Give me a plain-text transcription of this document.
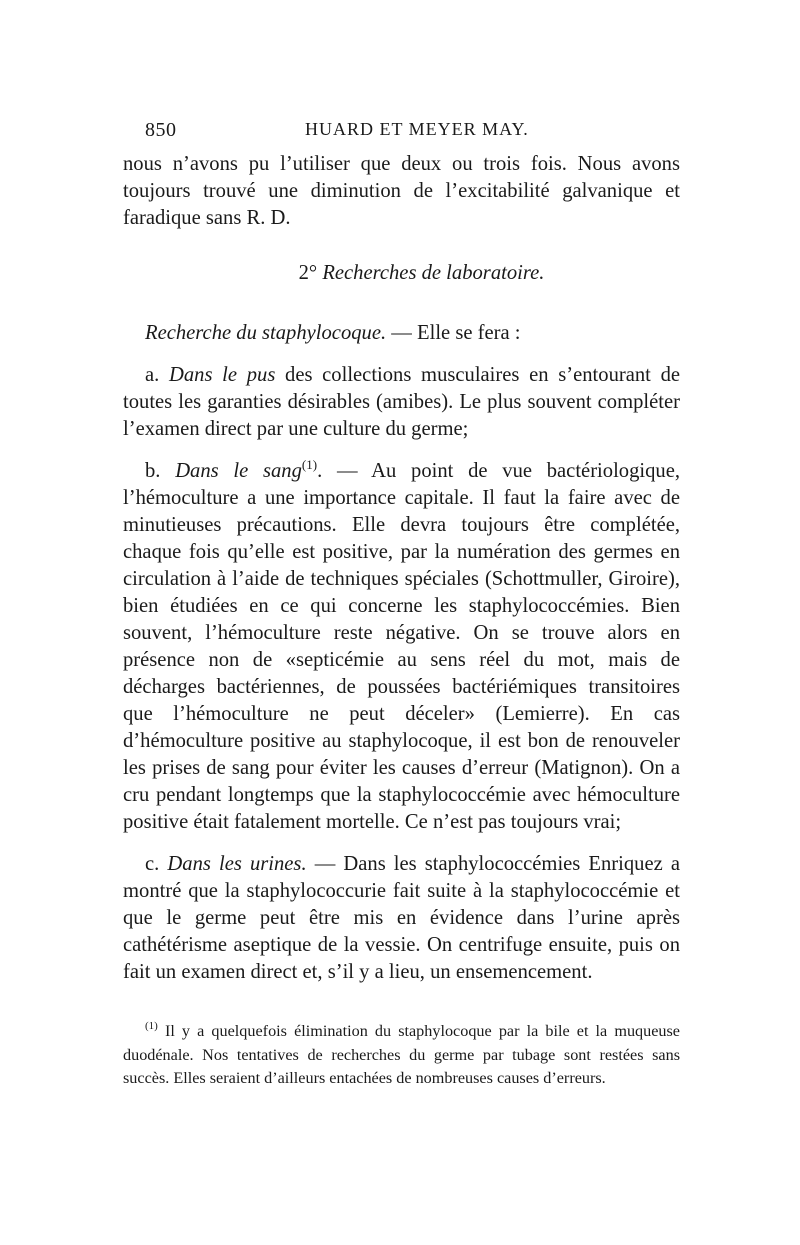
850	HUARD ET MEYER MAY.

nous n’avons pu l’utiliser que deux ou trois fois. Nous avons toujours trouvé une diminution de l’excitabilité galvanique et faradique sans R. D.

2° Recherches de laboratoire.

Recherche du staphylocoque. — Elle se fera :

a. Dans le pus des collections musculaires en s’entourant de toutes les garanties désirables (amibes). Le plus souvent compléter l’examen direct par une culture du germe;

b. Dans le sang$^{(1)}$. — Au point de vue bactériologique, l’hémoculture a une importance capitale. Il faut la faire avec de minutieuses précautions. Elle devra toujours être complétée, chaque fois qu’elle est positive, par la numération des germes en circulation à l’aide de techniques spéciales (Schottmuller, Giroire), bien étudiées en ce qui concerne les staphylococcémies. Bien souvent, l’hémoculture reste négative. On se trouve alors en présence non de «septicémie au sens réel du mot, mais de décharges bactériennes, de poussées bactériémiques transitoires que l’hémoculture ne peut déceler» (Lemierre). En cas d’hémoculture positive au staphylocoque, il est bon de renouveler les prises de sang pour éviter les causes d’erreur (Matignon). On a cru pendant longtemps que la staphylococcémie avec hémoculture positive était fatalement mortelle. Ce n’est pas toujours vrai;

c. Dans les urines. — Dans les staphylococcémies Enriquez a montré que la staphylococcurie fait suite à la staphylococcémie et que le germe peut être mis en évidence dans l’urine après cathétérisme aseptique de la vessie. On centrifuge ensuite, puis on fait un examen direct et, s’il y a lieu, un ensemencement.

$^{(1)}$ Il y a quelquefois élimination du staphylocoque par la bile et la muqueuse duodénale. Nos tentatives de recherches du germe par tubage sont restées sans succès. Elles seraient d’ailleurs entachées de nombreuses causes d’erreurs.
